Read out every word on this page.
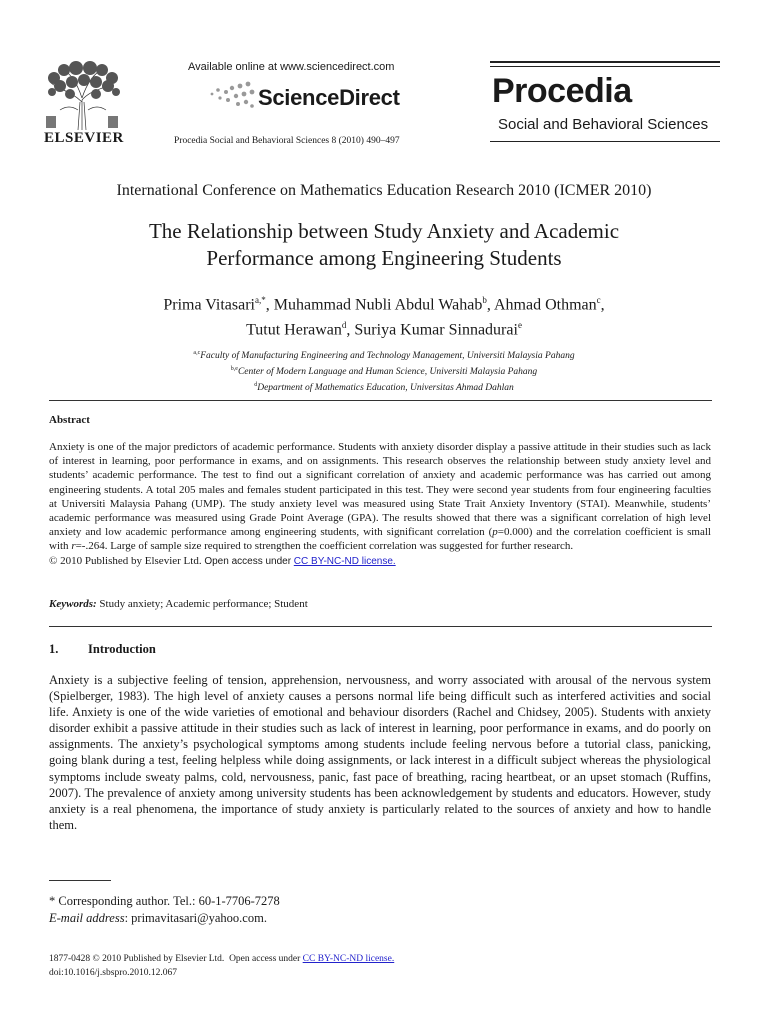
ELSEVIER
Available online at www.sciencedirect.com
ScienceDirect
Procedia Social and Behavioral Sciences 8 (2010) 490–497
Procedia
Social and Behavioral Sciences
International Conference on Mathematics Education Research 2010 (ICMER 2010)
The Relationship between Study Anxiety and Academic
Performance among Engineering Students
Prima Vitasari$^{a,*}$, Muhammad Nubli Abdul Wahab$^b$, Ahmad Othman$^c$,
Tutut Herawan$^d$, Suriya Kumar Sinnadurai$^e$
$^{a,c}$Faculty of Manufacturing Engineering and Technology Management, Universiti Malaysia Pahang
$^{b,e}$Center of Modern Language and Human Science, Universiti Malaysia Pahang
$^d$Department of Mathematics Education, Universitas Ahmad Dahlan
Abstract
Anxiety is one of the major predictors of academic performance. Students with anxiety disorder display a passive attitude in their studies such as lack of interest in learning, poor performance in exams, and on assignments. This research observes the relationship between study anxiety level and students’ academic performance. The test to find out a significant correlation of anxiety and academic performance was has carried out among engineering students. A total 205 males and females student participated in this test. They were second year students from four engineering faculties at Universiti Malaysia Pahang (UMP). The study anxiety level was measured using State Trait Anxiety Inventory (STAI). Meanwhile, students’ academic performance was measured using Grade Point Average (GPA). The results showed that there was a significant correlation of high level anxiety and low academic performance among engineering students, with significant correlation (p=0.000) and the correlation coefficient is small with r=-.264. Large of sample size required to strengthen the coefficient correlation was suggested for further research.
© 2010 Published by Elsevier Ltd. Open access under CC BY-NC-ND license.
Keywords: Study anxiety; Academic performance; Student
1. Introduction
Anxiety is a subjective feeling of tension, apprehension, nervousness, and worry associated with arousal of the nervous system (Spielberger, 1983). The high level of anxiety causes a persons normal life being difficult such as interfered activities and social life. Anxiety is one of the wide varieties of emotional and behaviour disorders (Rachel and Chidsey, 2005). Students with anxiety disorder exhibit a passive attitude in their studies such as lack of interest in learning, poor performance in exams, and do poorly on assignments. The anxiety’s psychological symptoms among students include feeling nervous before a tutorial class, panicking, going blank during a test, feeling helpless while doing assignments, or lack interest in a difficult subject whereas the physiological symptoms include sweaty palms, cold, nervousness, panic, fast pace of breathing, racing heartbeat, or an upset stomach (Ruffins, 2007). The prevalence of anxiety among university students has been acknowledgement by students and educators. However, study anxiety is a real phenomena, the importance of study anxiety is particularly related to the sources of anxiety and how to handle them.
* Corresponding author. Tel.: 60-1-7706-7278
E-mail address: primavitasari@yahoo.com.
1877-0428 © 2010 Published by Elsevier Ltd. Open access under CC BY-NC-ND license.
doi:10.1016/j.sbspro.2010.12.067
